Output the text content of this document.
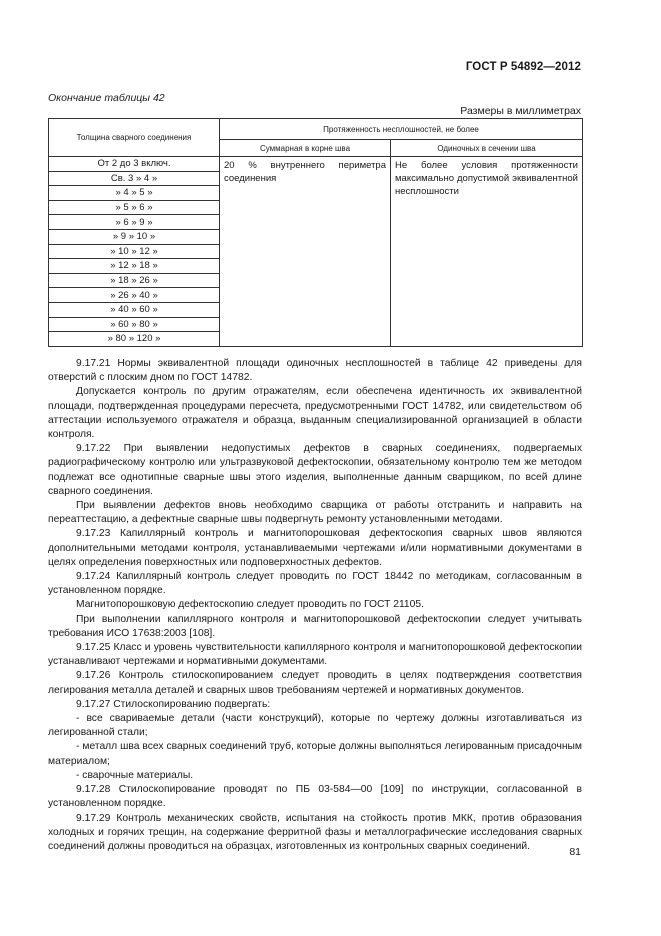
ГОСТ Р 54892—2012
Окончание таблицы 42
Размеры в миллиметрах
Толщина сварного соединения	Протяженность несплошностей, не более	
	Суммарная в корне шва	Одиночных в сечении шва
От 2 до 3 включ.	20 % внутреннего периметра соединения	Не более условия протяженности максимально допустимой эквивалентной несплошности
Св. 3 » 4 »		
» 4 » 5 »		
» 5 » 6 »		
» 6 » 9 »		
» 9 » 10 »		
» 10 » 12 »		
» 12 » 18 »		
» 18 » 26 »		
» 26 » 40 »		
» 40 » 60 »		
» 60 » 80 »		
» 80 » 120 »		

9.17.21 Нормы эквивалентной площади одиночных несплошностей в таблице 42 приведены для отверстий с плоским дном по ГОСТ 14782.

Допускается контроль по другим отражателям, если обеспечена идентичность их эквивалентной площади, подтвержденная процедурами пересчета, предусмотренными ГОСТ 14782, или свидетельством об аттестации используемого отражателя и образца, выданным специализированной организацией в области контроля.

9.17.22 При выявлении недопустимых дефектов в сварных соединениях, подвергаемых радиографическому контролю или ультразвуковой дефектоскопии, обязательному контролю тем же методом подлежат все однотипные сварные швы этого изделия, выполненные данным сварщиком, по всей длине сварного соединения.

При выявлении дефектов вновь необходимо сварщика от работы отстранить и направить на переаттестацию, а дефектные сварные швы подвергнуть ремонту установленными методами.

9.17.23 Капиллярный контроль и магнитопорошковая дефектоскопия сварных швов являются дополнительными методами контроля, устанавливаемыми чертежами и/или нормативными документами в целях определения поверхностных или подповерхностных дефектов.

9.17.24 Капиллярный контроль следует проводить по ГОСТ 18442 по методикам, согласованным в установленном порядке.

Магнитопорошковую дефектоскопию следует проводить по ГОСТ 21105.

При выполнении капиллярного контроля и магнитопорошковой дефектоскопии следует учитывать требования ИСО 17638:2003 [108].

9.17.25 Класс и уровень чувствительности капиллярного контроля и магнитопорошковой дефектоскопии устанавливают чертежами и нормативными документами.

9.17.26 Контроль стилоскопированием следует проводить в целях подтверждения соответствия легирования металла деталей и сварных швов требованиям чертежей и нормативных документов.

9.17.27 Стилоскопированию подвергать:

- все свариваемые детали (части конструкций), которые по чертежу должны изготавливаться из легированной стали;

- металл шва всех сварных соединений труб, которые должны выполняться легированным присадочным материалом;

- сварочные материалы.

9.17.28 Стилоскопирование проводят по ПБ 03-584—00 [109] по инструкции, согласованной в установленном порядке.

9.17.29 Контроль механических свойств, испытания на стойкость против МКК, против образования холодных и горячих трещин, на содержание ферритной фазы и металлографические исследования сварных соединений должны проводиться на образцах, изготовленных из контрольных сварных соединений.	81
